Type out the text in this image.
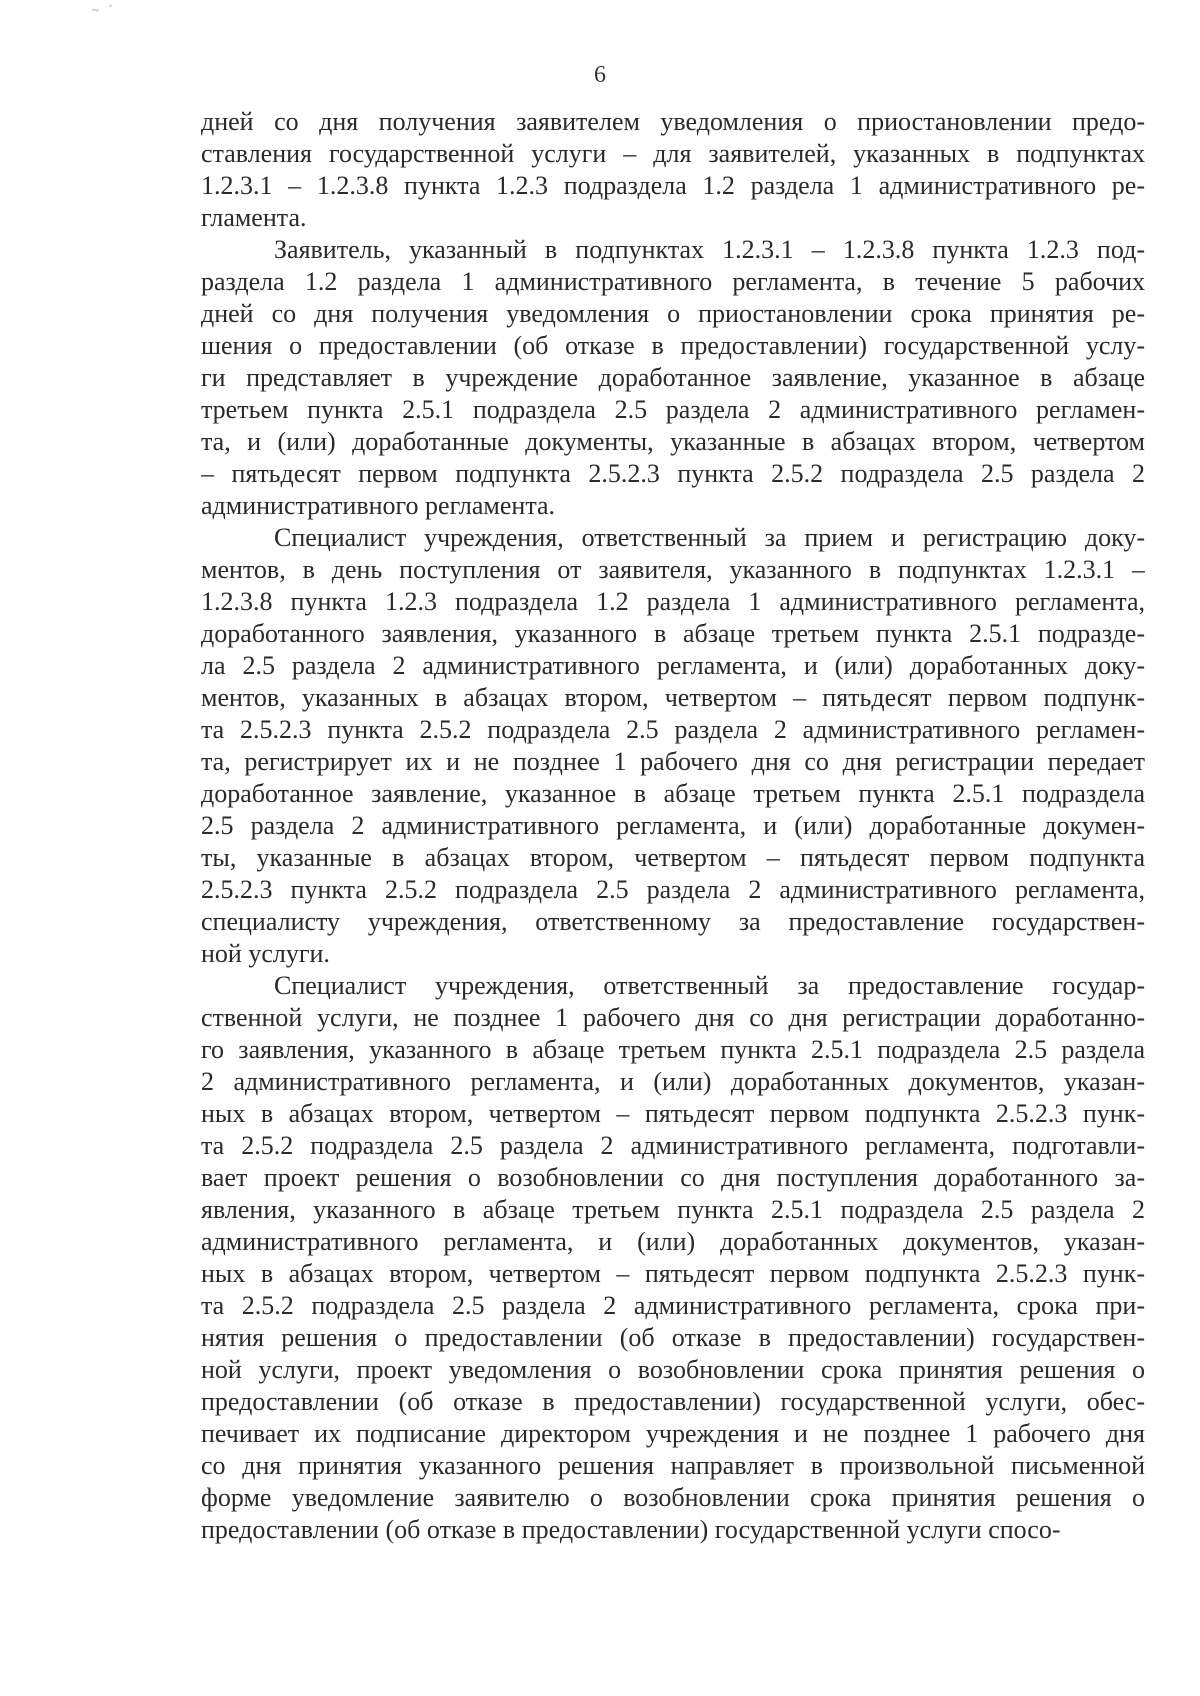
~ ˊ
6
дней со дня получения заявителем уведомления о приостановлении предо-
ставления государственной услуги – для заявителей, указанных в подпунктах
1.2.3.1 – 1.2.3.8 пункта 1.2.3 подраздела 1.2 раздела 1 административного ре-
гламента.
Заявитель, указанный в подпунктах 1.2.3.1 – 1.2.3.8 пункта 1.2.3 под-
раздела 1.2 раздела 1 административного регламента, в течение 5 рабочих
дней со дня получения уведомления о приостановлении срока принятия ре-
шения о предоставлении (об отказе в предоставлении) государственной услу-
ги представляет в учреждение доработанное заявление, указанное в абзаце
третьем пункта 2.5.1 подраздела 2.5 раздела 2 административного регламен-
та, и (или) доработанные документы, указанные в абзацах втором, четвертом
– пятьдесят первом подпункта 2.5.2.3 пункта 2.5.2 подраздела 2.5 раздела 2
административного регламента.
Специалист учреждения, ответственный за прием и регистрацию доку-
ментов, в день поступления от заявителя, указанного в подпунктах 1.2.3.1 –
1.2.3.8 пункта 1.2.3 подраздела 1.2 раздела 1 административного регламента,
доработанного заявления, указанного в абзаце третьем пункта 2.5.1 подразде-
ла 2.5 раздела 2 административного регламента, и (или) доработанных доку-
ментов, указанных в абзацах втором, четвертом – пятьдесят первом подпунк-
та 2.5.2.3 пункта 2.5.2 подраздела 2.5 раздела 2 административного регламен-
та, регистрирует их и не позднее 1 рабочего дня со дня регистрации передает
доработанное заявление, указанное в абзаце третьем пункта 2.5.1 подраздела
2.5 раздела 2 административного регламента, и (или) доработанные докумен-
ты, указанные в абзацах втором, четвертом – пятьдесят первом подпункта
2.5.2.3 пункта 2.5.2 подраздела 2.5 раздела 2 административного регламента,
специалисту учреждения, ответственному за предоставление государствен-
ной услуги.
Специалист учреждения, ответственный за предоставление государ-
ственной услуги, не позднее 1 рабочего дня со дня регистрации доработанно-
го заявления, указанного в абзаце третьем пункта 2.5.1 подраздела 2.5 раздела
2 административного регламента, и (или) доработанных документов, указан-
ных в абзацах втором, четвертом – пятьдесят первом подпункта 2.5.2.3 пунк-
та 2.5.2 подраздела 2.5 раздела 2 административного регламента, подготавли-
вает проект решения о возобновлении со дня поступления доработанного за-
явления, указанного в абзаце третьем пункта 2.5.1 подраздела 2.5 раздела 2
административного регламента, и (или) доработанных документов, указан-
ных в абзацах втором, четвертом – пятьдесят первом подпункта 2.5.2.3 пунк-
та 2.5.2 подраздела 2.5 раздела 2 административного регламента, срока при-
нятия решения о предоставлении (об отказе в предоставлении) государствен-
ной услуги, проект уведомления о возобновлении срока принятия решения о
предоставлении (об отказе в предоставлении) государственной услуги, обес-
печивает их подписание директором учреждения и не позднее 1 рабочего дня
со дня принятия указанного решения направляет в произвольной письменной
форме уведомление заявителю о возобновлении срока принятия решения о
предоставлении (об отказе в предоставлении) государственной услуги спосо-
